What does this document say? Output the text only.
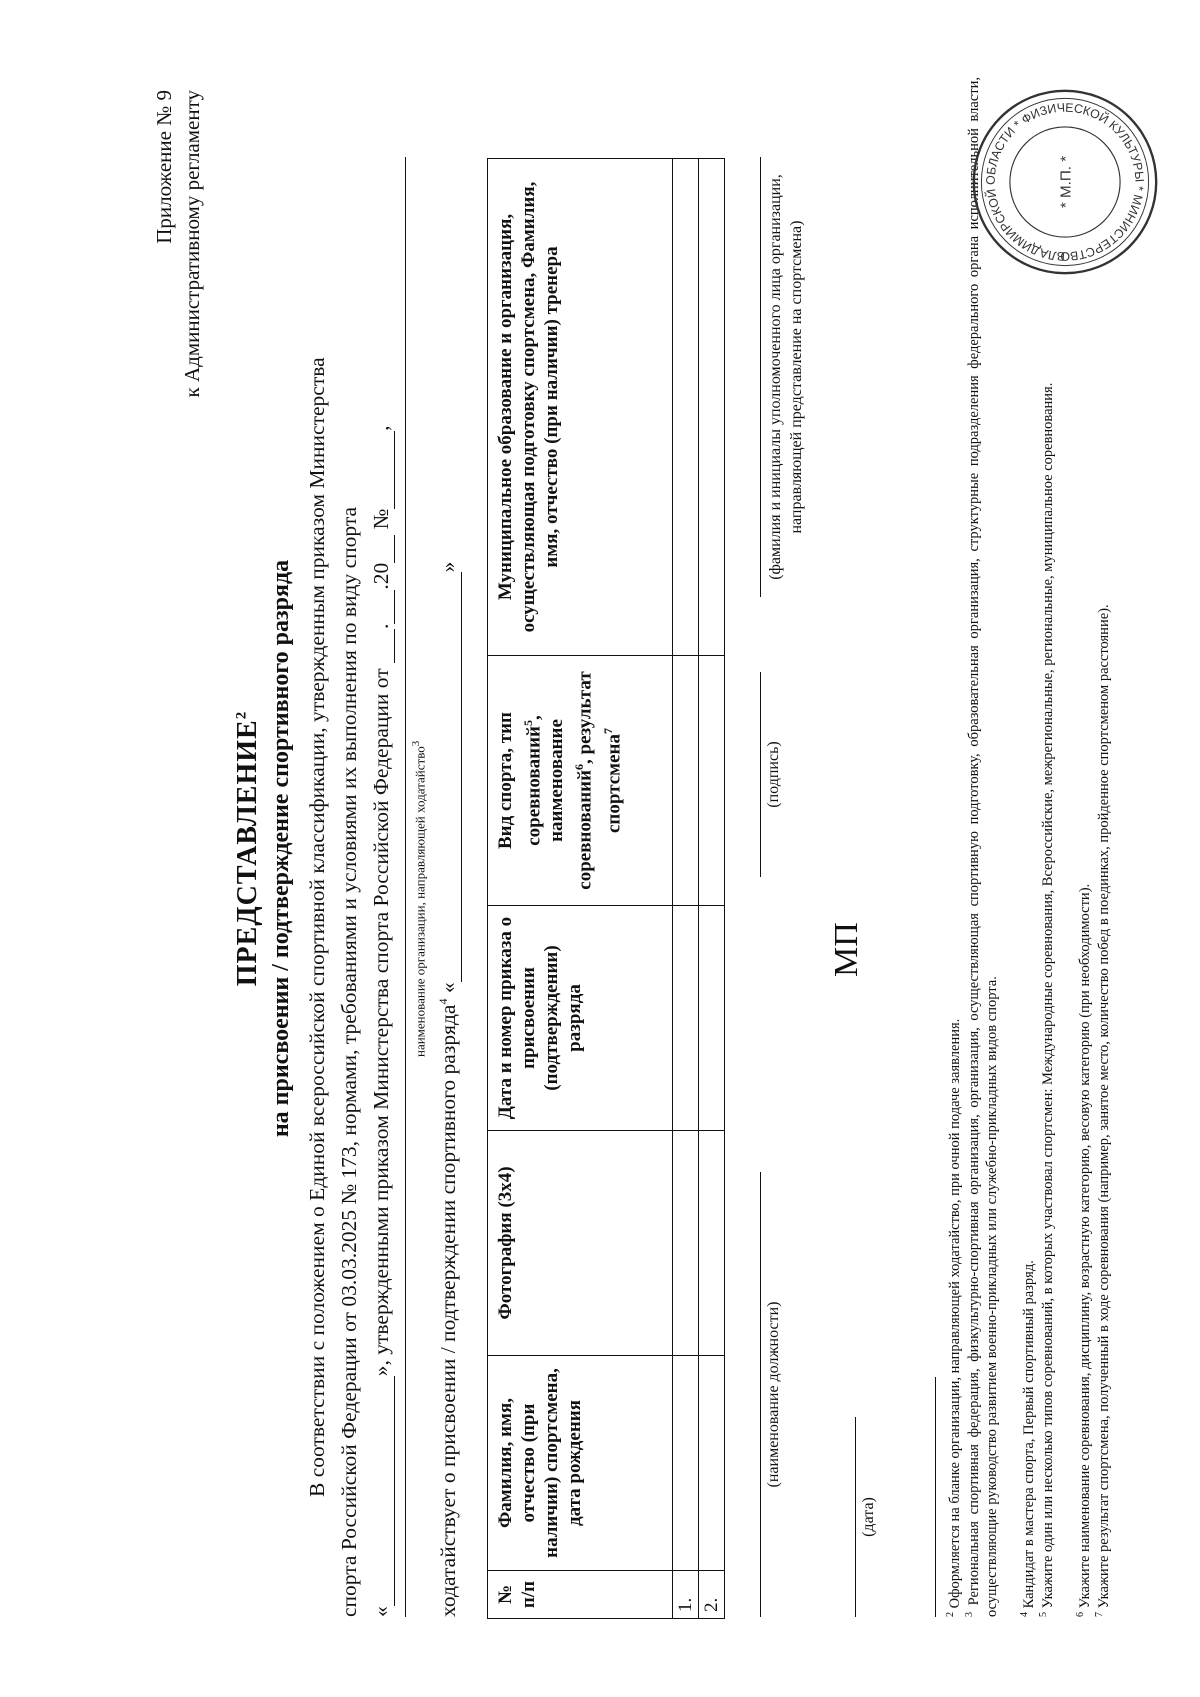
Приложение № 9 к Административному регламенту
ПРЕДСТАВЛЕНИЕ$^2$ на присвоении / подтверждение спортивного разряда В соответствии с положением о Единой всероссийской спортивной классификации, утвержденным приказом Министерства спорта Российской Федерации от 03.03.2025 № 173, нормами, требованиями и условиями их выполнения по виду спорта « », утвержденными приказом Министерства спорта Российской Федерации от  . .20  № ,
наименование организации, направляющей ходатайство$^3$
ходатайствует о присвоении / подтверждении спортивного разряда$^4$ « »
№ п/п	Фамилия, имя, отчество (при наличии) спортсмена, дата рождения	Фотография (3х4)	Дата и номер приказа о присвоении (подтверждении) разряда	Вид спорта, тип соревнований$^5$, наименование соревнований$^6$, результат спортсмена$^7$	Муниципальное образование и организация, осуществляющая подготовку спортсмена, Фамилия, имя, отчество (при наличии) тренера
1.					
2.					
(наименование должности)
(подпись)
(фамилия и инициалы уполномоченного лица организации, направляющей представление на спортсмена)
МП
(дата)
$^2$ Оформляется на бланке организации, направляющей ходатайство, при очной подаче заявления.
$^3$ Региональная спортивная федерация, физкультурно-спортивная организация, организация, осуществляющая спортивную подготовку, образовательная организация, структурные подразделения федерального органа исполнительной власти, осуществляющие руководство развитием военно-прикладных или служебно-прикладных видов спорта.	$^4$ Кандидат в мастера спорта, Первый спортивный разряд.
$^5$ Укажите один или несколько типов соревнований, в которых участвовал спортсмен: Международные соревнования, Всероссийские, межрегиональные, региональные, муниципальное соревнования.
$^6$ Укажите наименование соревнования, дисциплину, возрастную категорию, весовую категорию (при необходимости).
$^7$ Укажите результат спортсмена, полученный в ходе соревнования (например, занятое место, количество побед в поединках, пройденное спортсменом расстояние).
ВЛАДИМИРСКОЙ ОБЛАСТИ * ФИЗИЧЕСКОЙ КУЛЬТУРЫ * МИНИСТЕРСТВО
* М.П. *
